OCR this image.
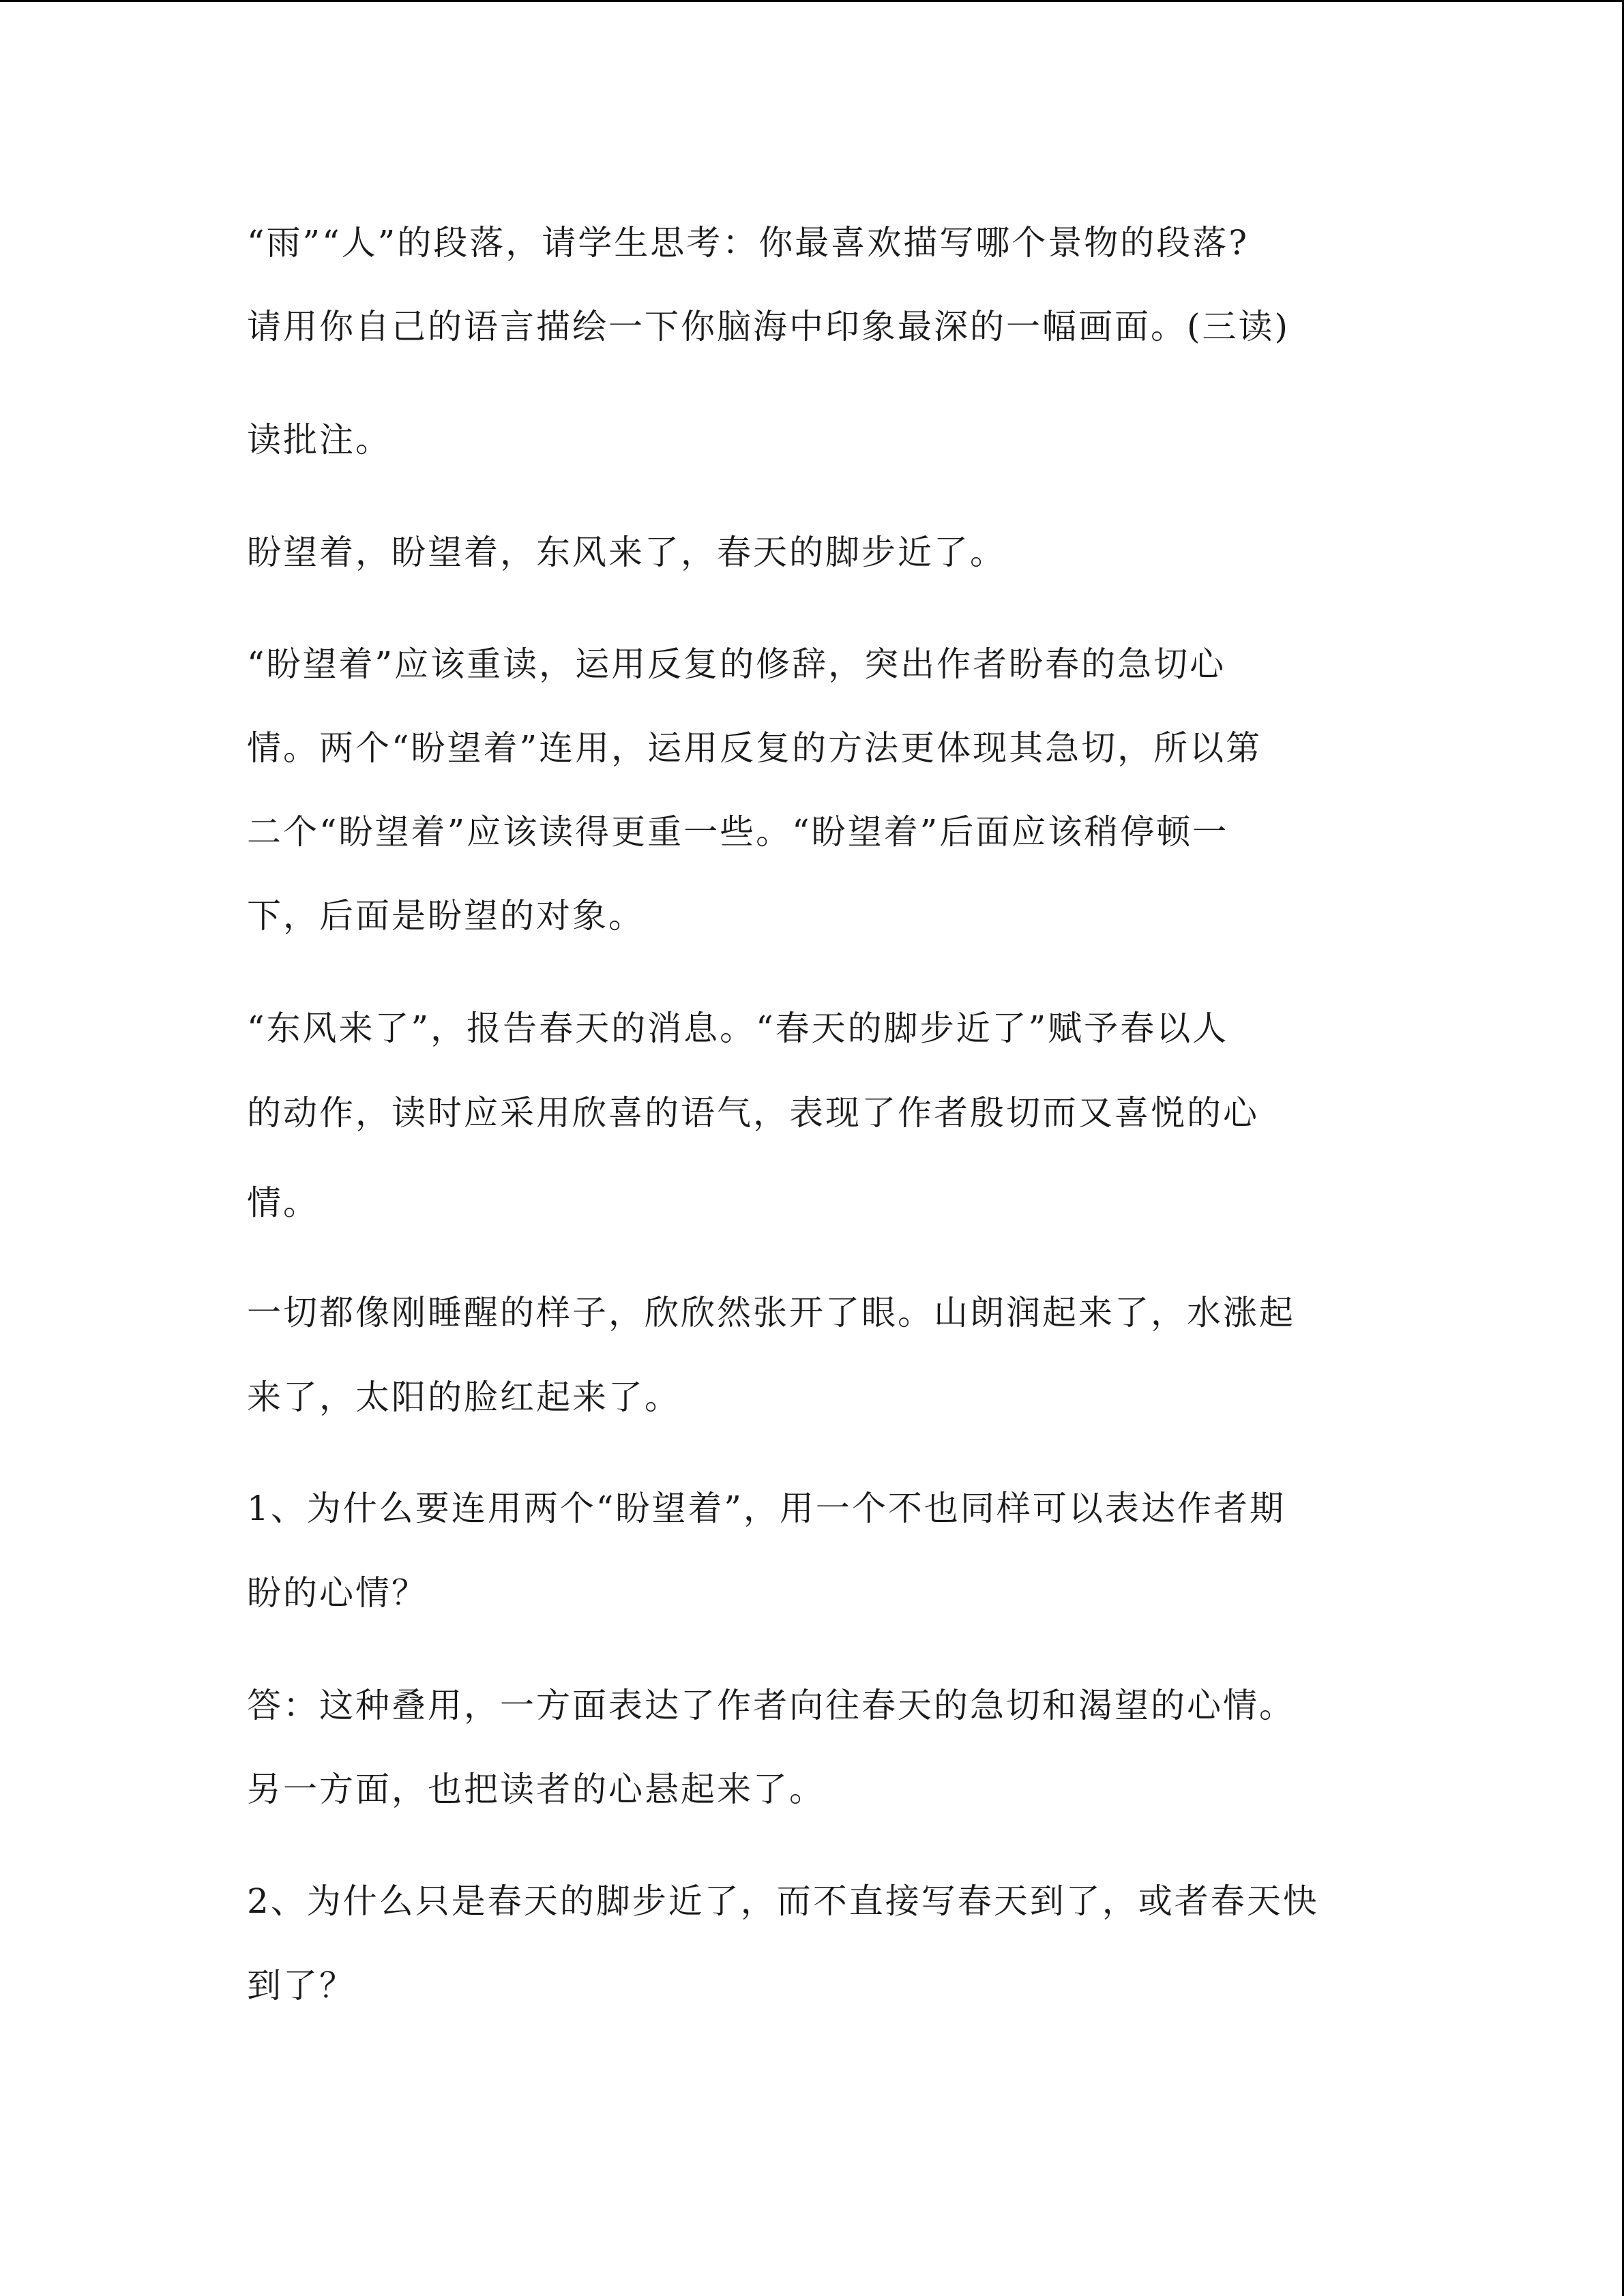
“雨”“人”的段落，请学生思考：你最喜欢描写哪个景物的段落?
请用你自己的语言描绘一下你脑海中印象最深的一幅画面。(三读)
读批注。
盼望着，盼望着，东风来了，春天的脚步近了。
“盼望着”应该重读，运用反复的修辞，突出作者盼春的急切心
情。两个“盼望着”连用，运用反复的方法更体现其急切，所以第
二个“盼望着”应该读得更重一些。“盼望着”后面应该稍停顿一
下，后面是盼望的对象。
“东风来了”，报告春天的消息。“春天的脚步近了”赋予春以人
的动作，读时应采用欣喜的语气，表现了作者殷切而又喜悦的心
情。
一切都像刚睡醒的样子，欣欣然张开了眼。山朗润起来了，水涨起
来了，太阳的脸红起来了。
1、为什么要连用两个“盼望着”，用一个不也同样可以表达作者期
盼的心情？
答：这种叠用，一方面表达了作者向往春天的急切和渴望的心情。
另一方面，也把读者的心悬起来了。
2、为什么只是春天的脚步近了，而不直接写春天到了，或者春天快
到了？
